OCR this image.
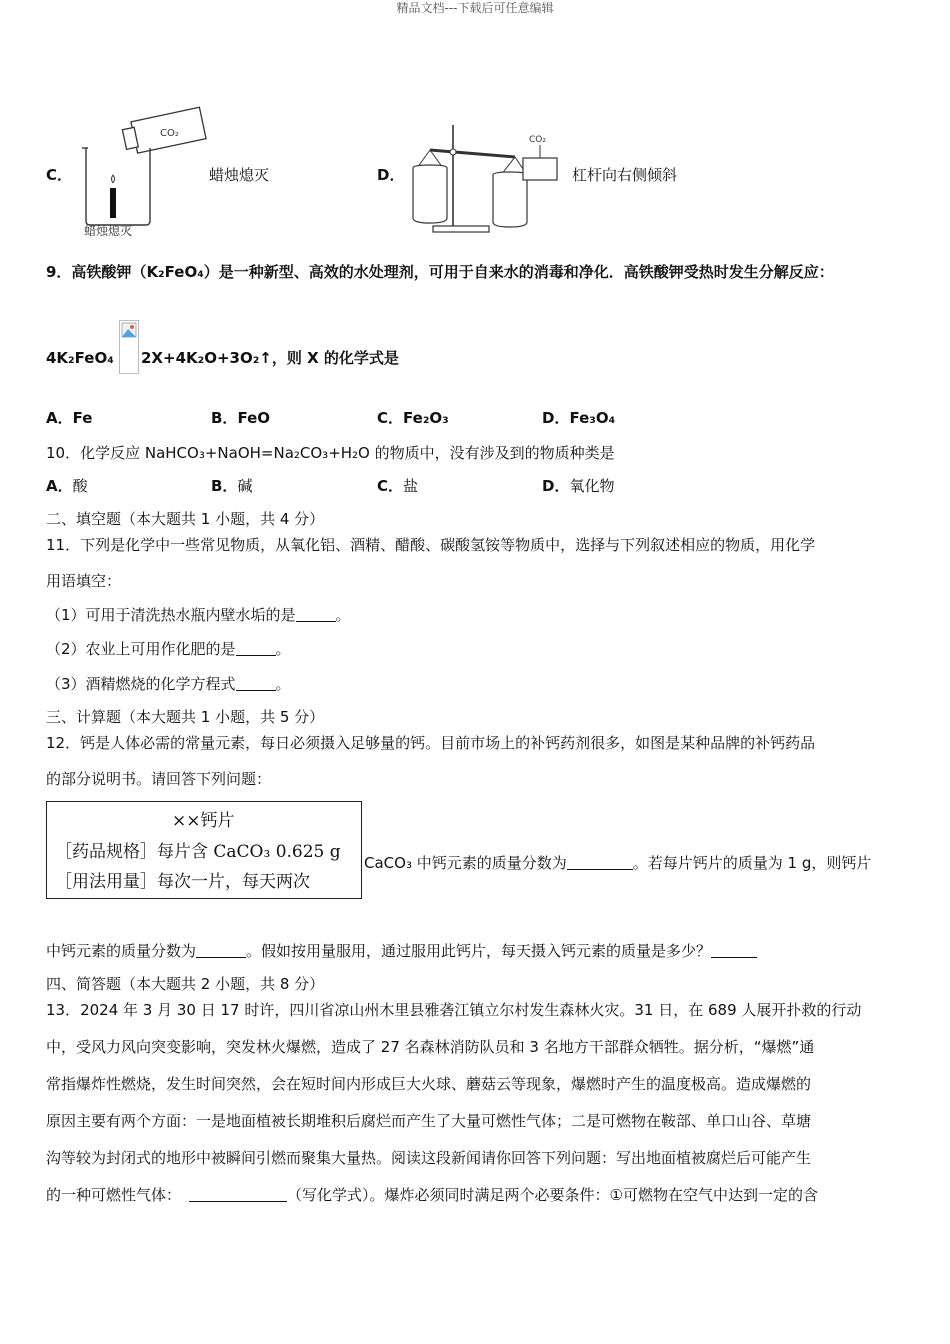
精品文档---下载后可任意编辑
C．
CO₂
蜡烛熄灭
蜡烛熄灭	D．
CO₂
杠杆向右侧倾斜
9．高铁酸钾（K₂FeO₄）是一种新型、高效的水处理剂，可用于自来水的消毒和净化．高铁酸钾受热时发生分解反应：
4K₂FeO₄ 2X+4K₂O+3O₂↑，则 X 的化学式是
A．Fe	B．FeO	C．Fe₂O₃	D．Fe₃O₄
10．化学反应 NaHCO₃+NaOH=Na₂CO₃+H₂O 的物质中，没有涉及到的物质种类是
A．酸	B．碱	C．盐	D．氧化物
二、填空题（本大题共 1 小题，共 4 分）
11．下列是化学中一些常见物质，从氧化铝、酒精、醋酸、碳酸氢铵等物质中，选择与下列叙述相应的物质，用化学
用语填空：
（1）可用于清洗热水瓶内壁水垢的是	。
（2）农业上可用作化肥的是	。
（3）酒精燃烧的化学方程式	。
三、计算题（本大题共 1 小题，共 5 分）
12．钙是人体必需的常量元素，每日必须摄入足够量的钙。目前市场上的补钙药剂很多，如图是某种品牌的补钙药品
的部分说明书。请回答下列问题：
××钙片
［药品规格］每片含 CaCO₃ 0.625 g
［用法用量］每次一片，每天两次
CaCO₃ 中钙元素的质量分数为	。若每片钙片的质量为 1 g，则钙片
中钙元素的质量分数为	。假如按用量服用，通过服用此钙片，每天摄入钙元素的质量是多少？
四、简答题（本大题共 2 小题，共 8 分）
13．2024 年 3 月 30 日 17 时许，四川省凉山州木里县雅砻江镇立尔村发生森林火灾。31 日，在 689 人展开扑救的行动
中，受风力风向突变影响，突发林火爆燃，造成了 27 名森林消防队员和 3 名地方干部群众牺牲。据分析，“爆燃”通
常指爆炸性燃烧，发生时间突然，会在短时间内形成巨大火球、蘑菇云等现象，爆燃时产生的温度极高。造成爆燃的
原因主要有两个方面：一是地面植被长期堆积后腐烂而产生了大量可燃性气体；二是可燃物在鞍部、单口山谷、草塘
沟等较为封闭式的地形中被瞬间引燃而聚集大量热。阅读这段新闻请你回答下列问题：写出地面植被腐烂后可能产生
的一种可燃性气体：	（写化学式）。爆炸必须同时满足两个必要条件：①可燃物在空气中达到一定的含
